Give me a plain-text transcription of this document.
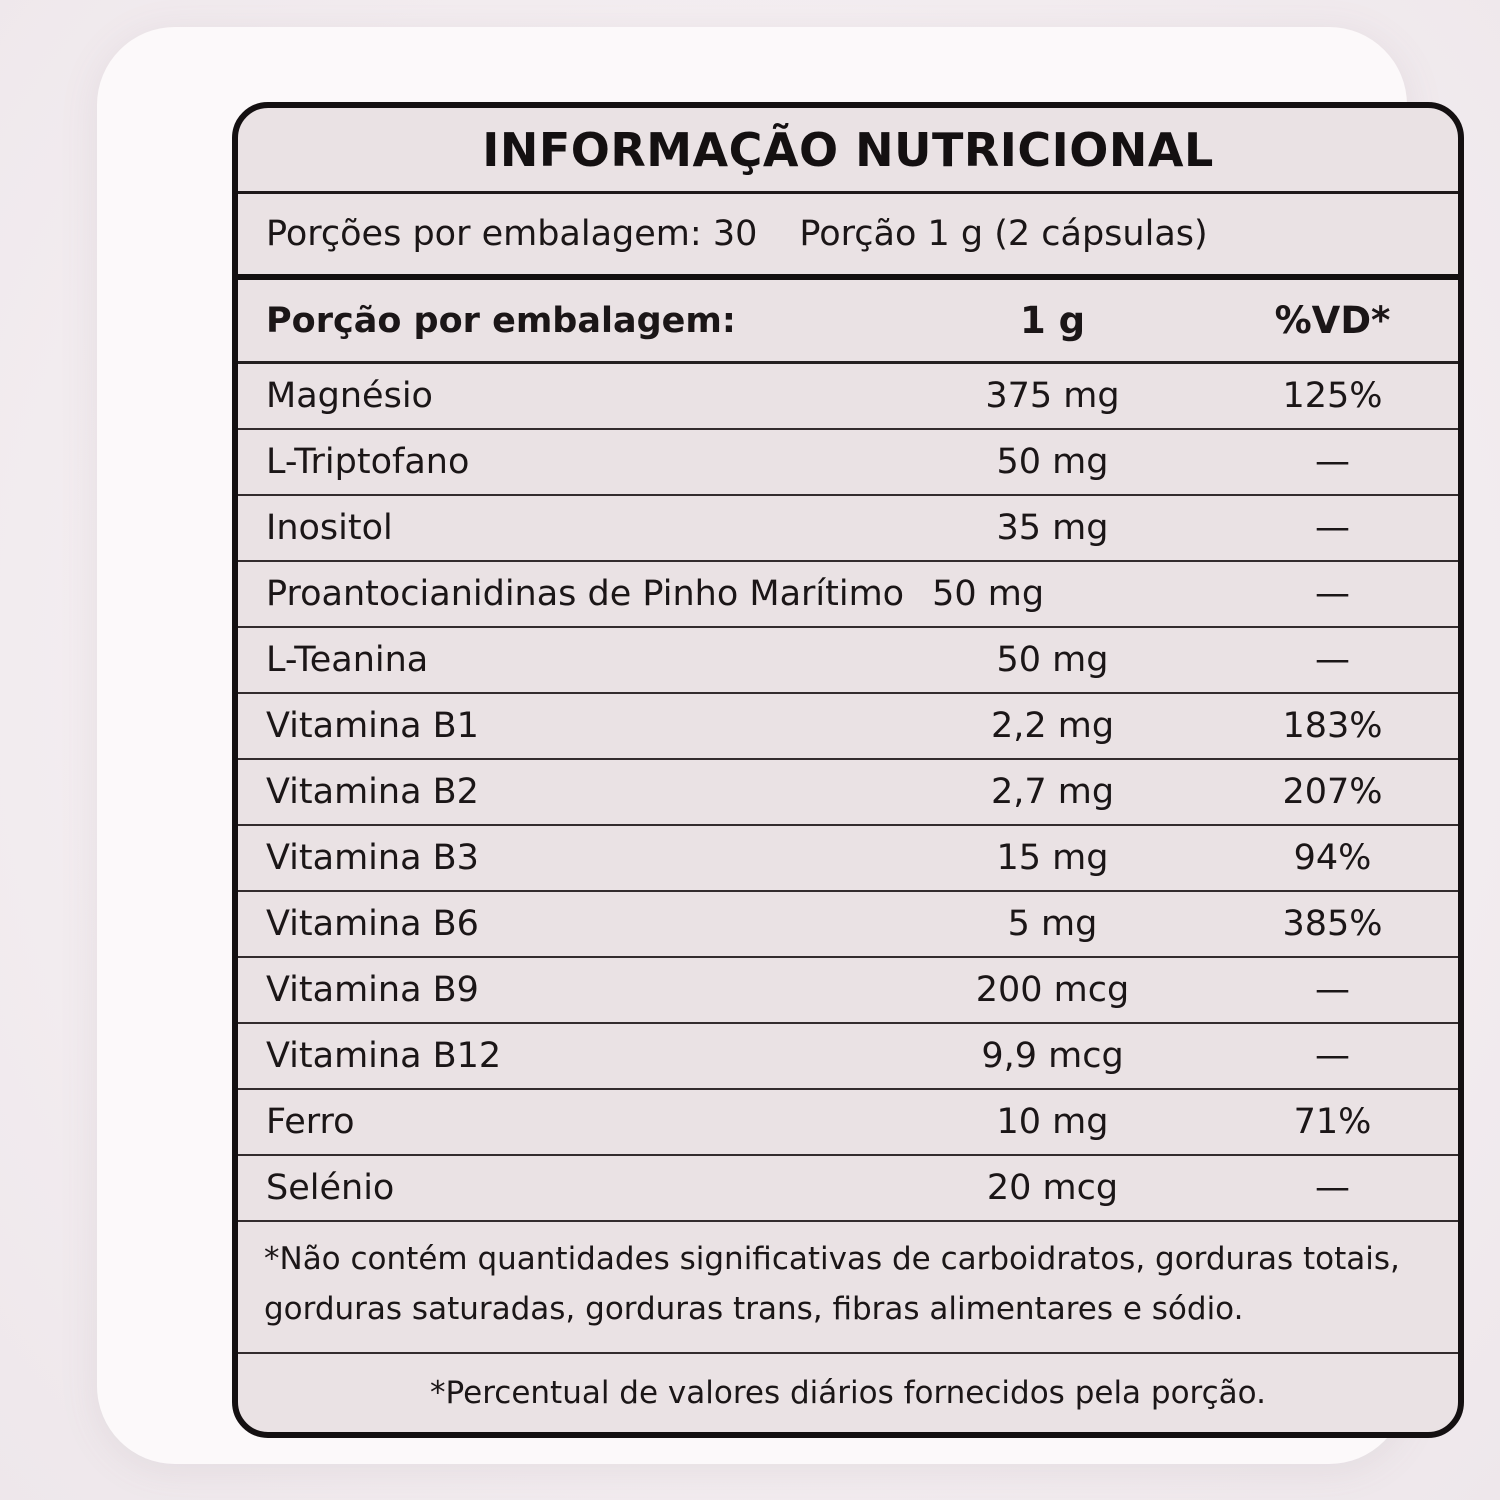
INFORMAÇÃO NUTRICIONAL
Porções por embalagem: 30 Porção 1 g (2 cápsulas)
Porção por embalagem:	1 g	%VD*
Magnésio	375 mg	125%
L-Triptofano	50 mg	—
Inositol	35 mg	—
Proantocianidinas de Pinho Marítimo 50 mg	—
L-Teanina	50 mg	—
Vitamina B1	2,2 mg	183%
Vitamina B2	2,7 mg	207%
Vitamina B3	15 mg	94%
Vitamina B6	5 mg	385%
Vitamina B9	200 mcg	—
Vitamina B12	9,9 mcg	—
Ferro	10 mg	71%
Selénio	20 mcg	—
*Não contém quantidades significativas de carboidratos, gorduras totais, gorduras saturadas, gorduras trans, fibras alimentares e sódio.
*Percentual de valores diários fornecidos pela porção.
